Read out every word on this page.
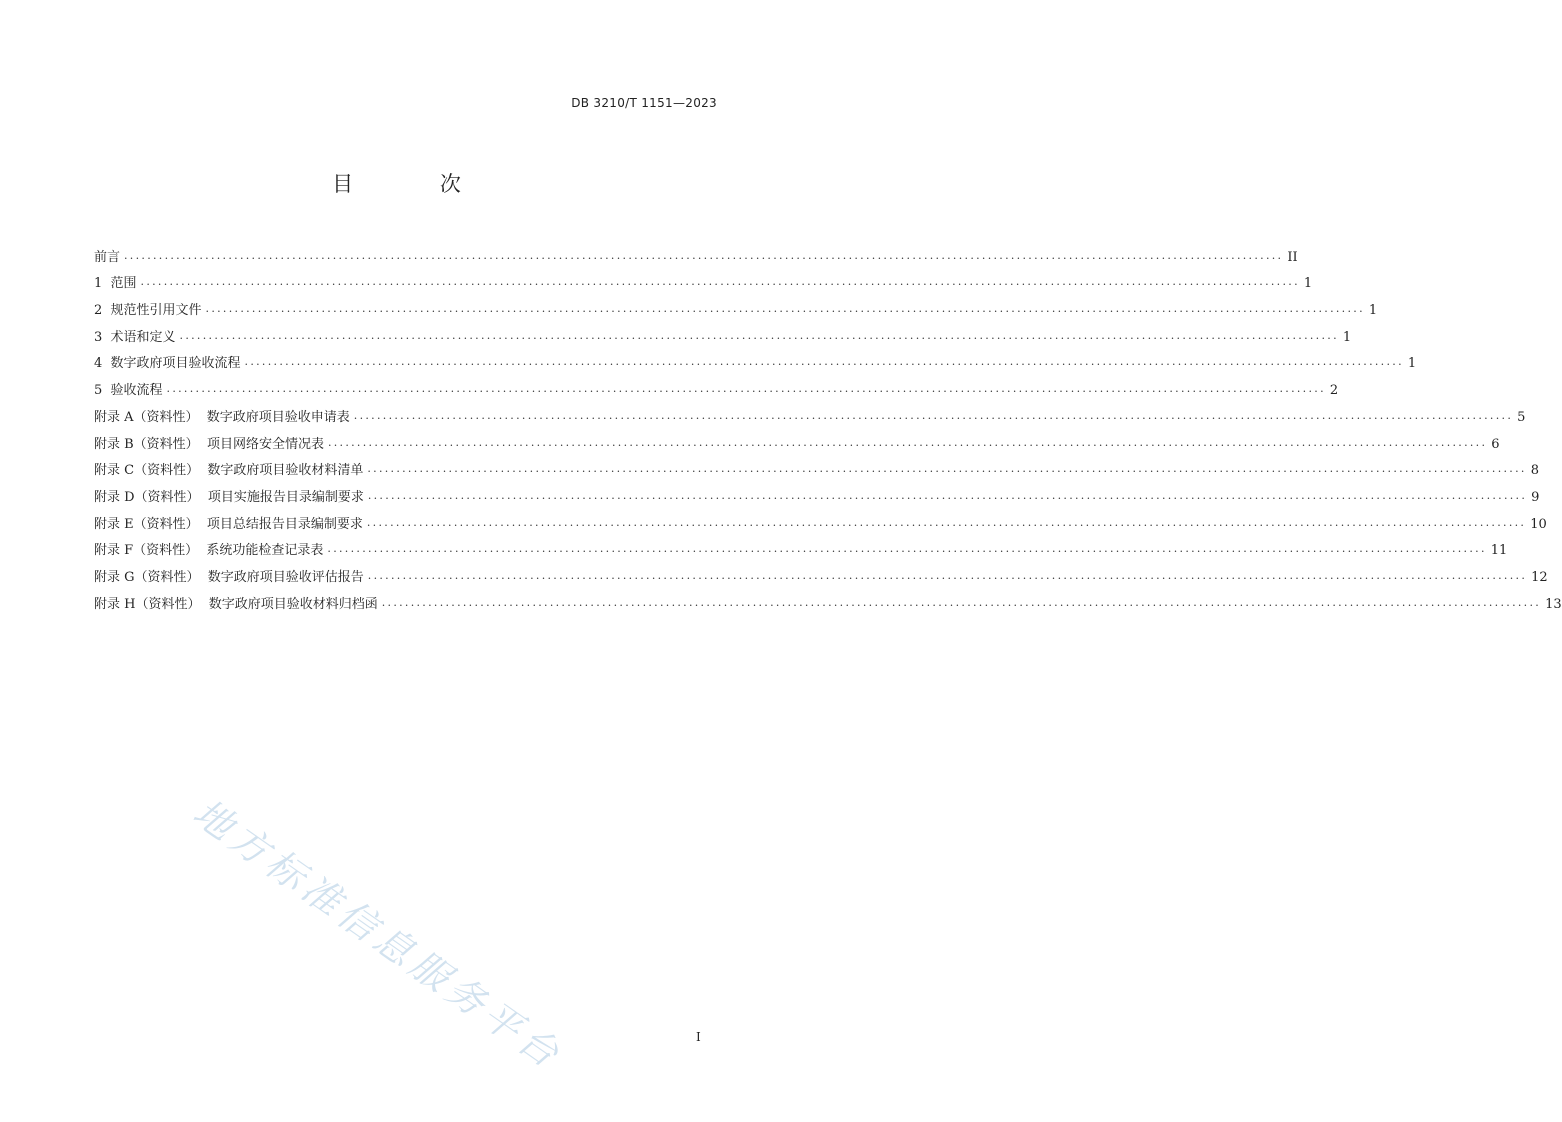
DB 3210/T 1151—2023
目 次
前言 ........................................................................................................................................................................................................ II
1  范围 ........................................................................................................................................................................................................ 1
2  规范性引用文件 ........................................................................................................................................................................................................ 1
3  术语和定义 ........................................................................................................................................................................................................ 1
4  数字政府项目验收流程 ........................................................................................................................................................................................................ 1
5  验收流程 ........................................................................................................................................................................................................ 2
附录 A（资料性）  数字政府项目验收申请表 ........................................................................................................................................................................................................ 5
附录 B（资料性）  项目网络安全情况表 ........................................................................................................................................................................................................ 6
附录 C（资料性）  数字政府项目验收材料清单 ........................................................................................................................................................................................................ 8
附录 D（资料性）  项目实施报告目录编制要求 ........................................................................................................................................................................................................ 9
附录 E（资料性）  项目总结报告目录编制要求 ........................................................................................................................................................................................................ 10
附录 F（资料性）  系统功能检查记录表 ........................................................................................................................................................................................................ 11
附录 G（资料性）  数字政府项目验收评估报告 ........................................................................................................................................................................................................ 12
附录 H（资料性）  数字政府项目验收材料归档函 ........................................................................................................................................................................................................ 13
地方标准信息服务平台	I
